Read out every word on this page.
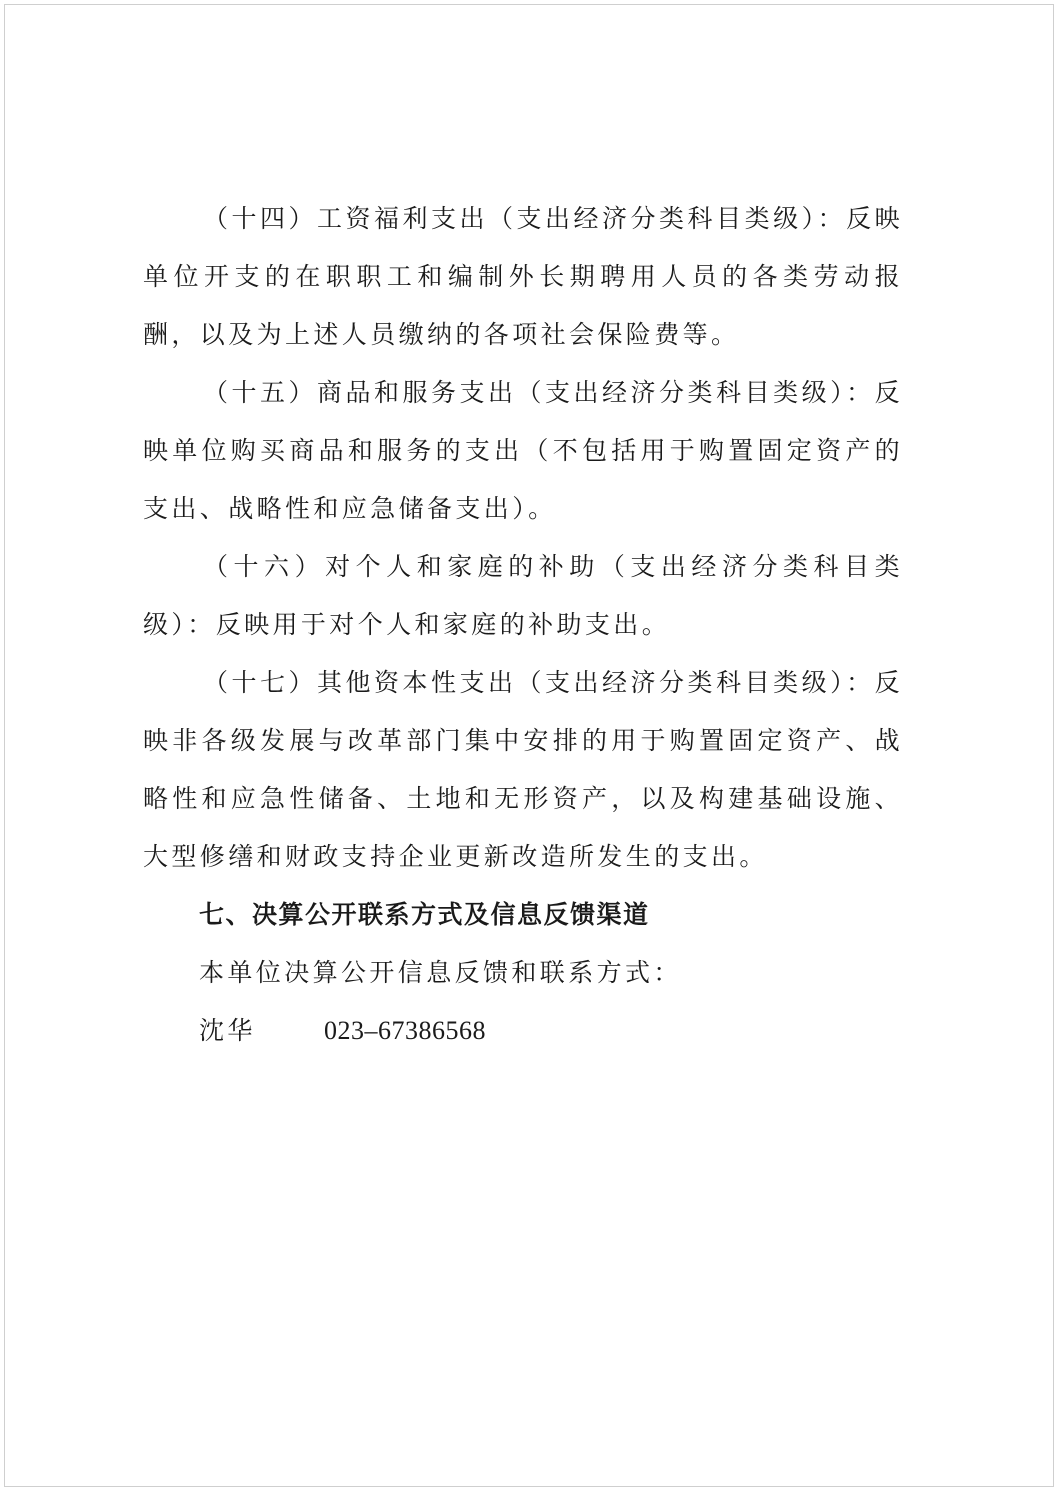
（十四）工资福利支出（支出经济分类科目类级）：反映单位开支的在职职工和编制外长期聘用人员的各类劳动报酬，以及为上述人员缴纳的各项社会保险费等。

（十五）商品和服务支出（支出经济分类科目类级）：反映单位购买商品和服务的支出（不包括用于购置固定资产的支出、战略性和应急储备支出）。

（十六）对个人和家庭的补助（支出经济分类科目类级）：反映用于对个人和家庭的补助支出。

（十七）其他资本性支出（支出经济分类科目类级）：反映非各级发展与改革部门集中安排的用于购置固定资产、战略性和应急性储备、土地和无形资产，以及构建基础设施、大型修缮和财政支持企业更新改造所发生的支出。

七、决算公开联系方式及信息反馈渠道

本单位决算公开信息反馈和联系方式：

沈华	023–67386568
